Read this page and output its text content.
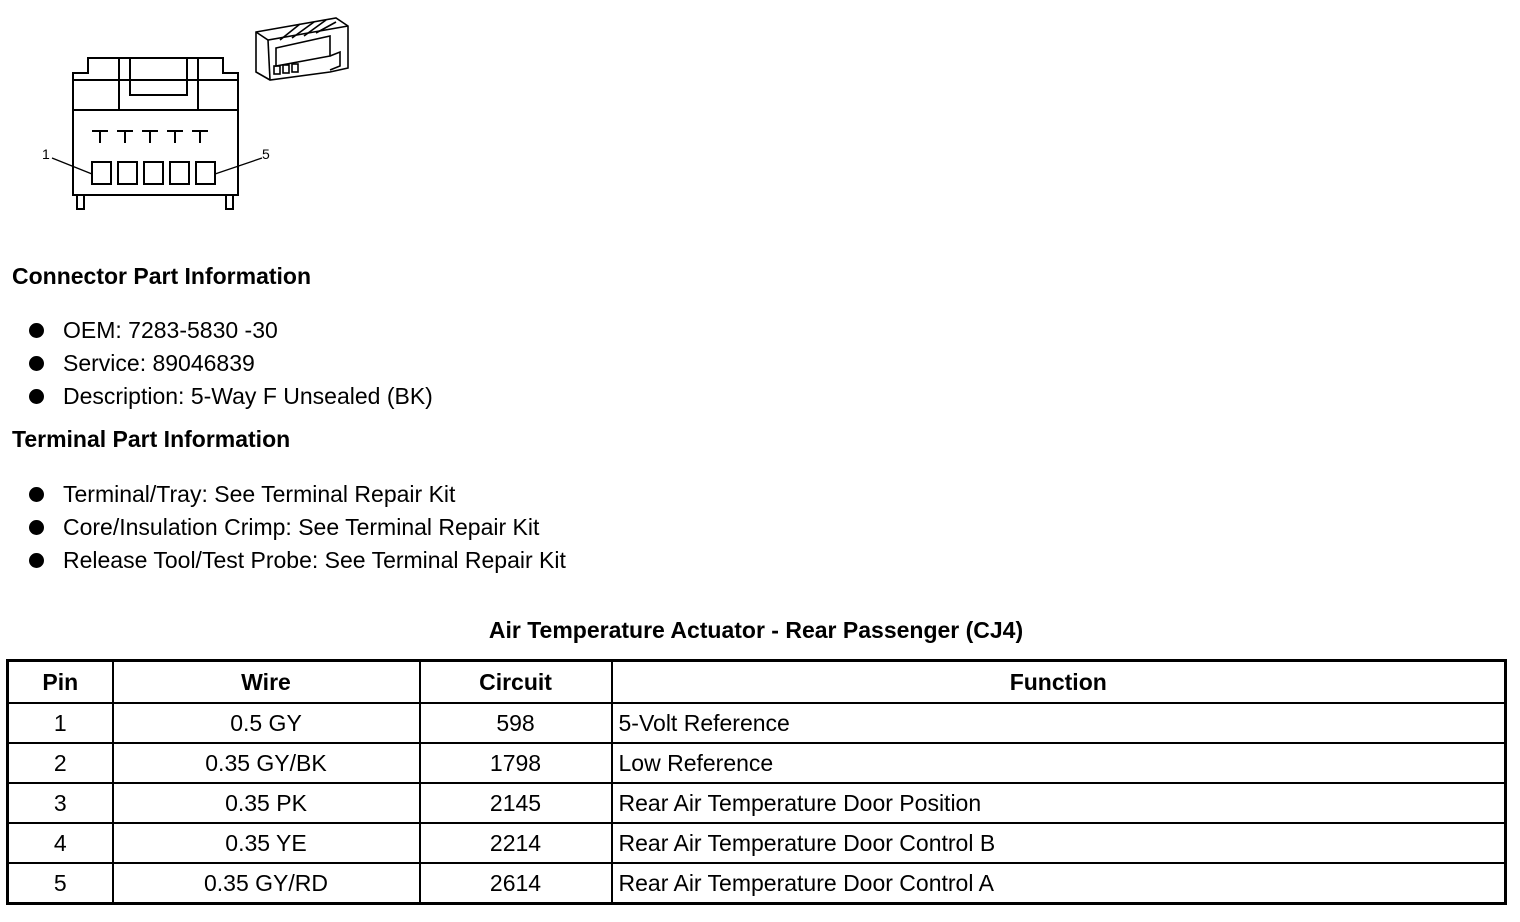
1	5
Connector Part Information
OEM: 7283-5830 -30
Service: 89046839
Description: 5-Way F Unsealed (BK)
Terminal Part Information
Terminal/Tray: See Terminal Repair Kit
Core/Insulation Crimp: See Terminal Repair Kit
Release Tool/Test Probe: See Terminal Repair Kit
Air Temperature Actuator - Rear Passenger (CJ4)
Pin	Wire	Circuit	Function
1	0.5 GY	598	5-Volt Reference
2	0.35 GY/BK	1798	Low Reference
3	0.35 PK	2145	Rear Air Temperature Door Position
4	0.35 YE	2214	Rear Air Temperature Door Control B
5	0.35 GY/RD	2614	Rear Air Temperature Door Control A
